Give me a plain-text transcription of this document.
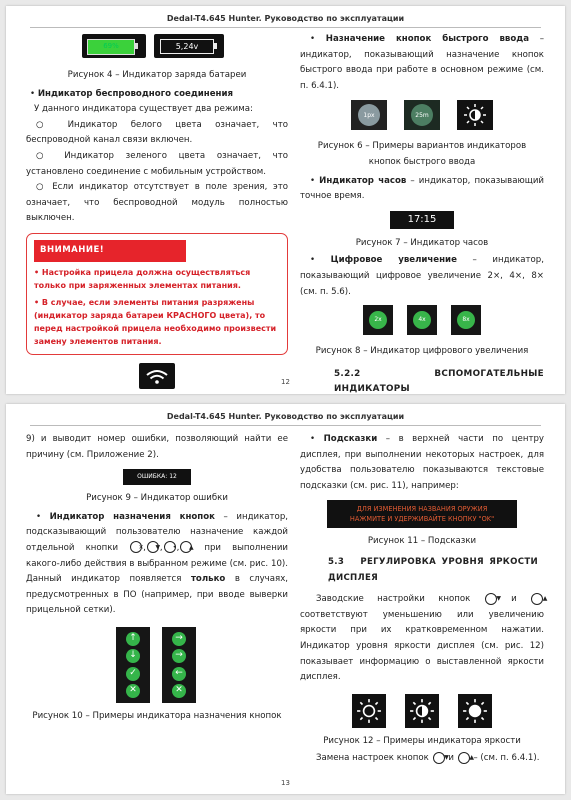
Dedal-T4.645 Hunter. Руководство по эксплуатации
69%	5,24v

Рисунок 4 – Индикатор заряда батареи

• Индикатор беспроводного соединения

У данного индикатора существует два режима:

○ Индикатор белого цвета означает, что беспроводной канал связи включен.

○ Индикатор зеленого цвета означает, что установлено соединение с мобильным устройством.

○ Если индикатор отсутствует в поле зрения, это означает, что беспроводной модуль полностью выключен.

ВНИМАНИЕ!
• Настройка прицела должна осуществляться только при заряженных элементах питания.
• В случае, если элементы питания разряжены (индикатор заряда батареи КРАСНОГО цвета), то перед настройкой прицела необходимо произвести замену элементов питания.

• Назначение кнопок быстрого ввода – индикатор, показывающий назначение кнопок быстрого ввода при работе в основном режиме (см. п. 6.4.1).

1px	25m

Рисунок 6 – Примеры вариантов индикаторов кнопок быстрого ввода

• Индикатор часов – индикатор, показывающий точное время.

17:15

Рисунок 7 – Индикатор часов

• Цифровое увеличение – индикатор, показывающий цифровое увеличение 2×, 4×, 8× (см. п. 5.6).

2x	4x	8x

Рисунок 8 – Индикатор цифрового увеличения

5.2.2 ВСПОМОГАТЕЛЬНЫЕ ИНДИКАТОРЫ

12
Dedal-T4.645 Hunter. Руководство по эксплуатации

9) и выводит номер ошибки, позволяющий найти ее причину (см. Приложение 2).

ОШИБКА: 12

Рисунок 9 – Индикатор ошибки

• Индикатор назначения кнопок – индикатор, подсказывающий пользователю назначение каждой отдельной кнопки	✕, ▼, •, ▲ при выполнении какого-либо действия в выбранном режиме (см. рис. 10). Данный индикатор появляется только в случаях, предусмотренных в ПО (например, при вводе выверки прицельной сетки).

↑
↓
✓
✕
→
→
←
✕

Рисунок 10 – Примеры индикатора назначения кнопок

• Подсказки – в верхней части по центру дисплея, при выполнении некоторых настроек, для удобства пользователю показываются текстовые подсказки (см. рис. 11), например:

ДЛЯ ИЗМЕНЕНИЯ НАЗВАНИЯ ОРУЖИЯ
НАЖМИТЕ И УДЕРЖИВАЙТЕ КНОПКУ "OK"

Рисунок 11 – Подсказки

5.3 РЕГУЛИРОВКА УРОВНЯ ЯРКОСТИ ДИСПЛЕЯ

Заводские настройки кнопок	▼ и	▲ соответствуют уменьшению или увеличению яркости при их кратковременном нажатии. Индикатор уровня яркости дисплея (см. рис. 12) показывает информацию о выставленной яркости дисплея.

Рисунок 12 – Примеры индикатора яркости

Замена настроек кнопок	▼ и	▲ – (см. п. 6.4.1).

13
